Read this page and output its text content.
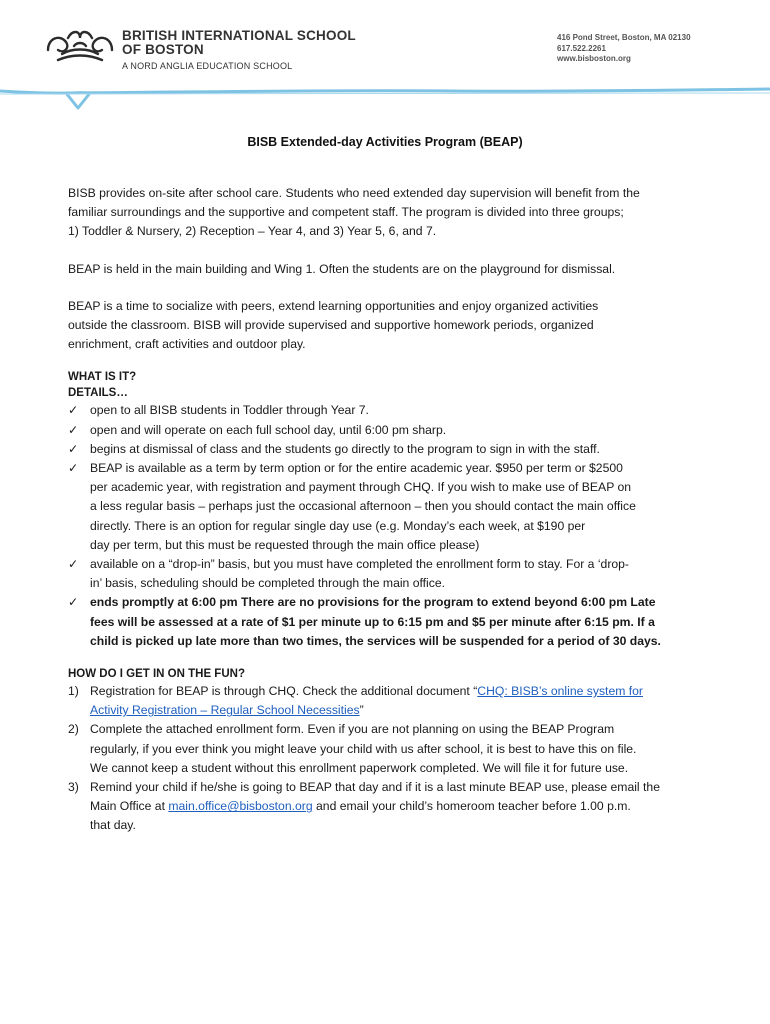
BRITISH INTERNATIONAL SCHOOL
OF BOSTON
A NORD ANGLIA EDUCATION SCHOOL
416 Pond Street, Boston, MA 02130
617.522.2261
www.bisboston.org
BISB Extended-day Activities Program (BEAP)

BISB provides on-site after school care. Students who need extended day supervision will benefit from the
familiar surroundings and the supportive and competent staff. The program is divided into three groups;
1) Toddler & Nursery, 2) Reception – Year 4, and 3) Year 5, 6, and 7.

BEAP is held in the main building and Wing 1. Often the students are on the playground for dismissal.

BEAP is a time to socialize with peers, extend learning opportunities and enjoy organized activities
outside the classroom. BISB will provide supervised and supportive homework periods, organized
enrichment, craft activities and outdoor play.

WHAT IS IT?
DETAILS…
✓ open to all BISB students in Toddler through Year 7.
✓ open and will operate on each full school day, until 6:00 pm sharp.
✓ begins at dismissal of class and the students go directly to the program to sign in with the staff.
✓ BEAP is available as a term by term option or for the entire academic year. $950 per term or $2500
per academic year, with registration and payment through CHQ. If you wish to make use of BEAP on
a less regular basis – perhaps just the occasional afternoon – then you should contact the main office
directly. There is an option for regular single day use (e.g. Monday’s each week, at $190 per
day per term, but this must be requested through the main office please)
✓ available on a “drop-in” basis, but you must have completed the enrollment form to stay. For a ‘drop-
in’ basis, scheduling should be completed through the main office.
✓ ends promptly at 6:00 pm There are no provisions for the program to extend beyond 6:00 pm Late
fees will be assessed at a rate of $1 per minute up to 6:15 pm and $5 per minute after 6:15 pm. If a
child is picked up late more than two times, the services will be suspended for a period of 30 days.
HOW DO I GET IN ON THE FUN?
1) Registration for BEAP is through CHQ. Check the additional document “CHQ: BISB’s online system for
Activity Registration – Regular School Necessities”
2) Complete the attached enrollment form. Even if you are not planning on using the BEAP Program
regularly, if you ever think you might leave your child with us after school, it is best to have this on file.
We cannot keep a student without this enrollment paperwork completed. We will file it for future use.
3) Remind your child if he/she is going to BEAP that day and if it is a last minute BEAP use, please email the
Main Office at main.office@bisboston.org and email your child’s homeroom teacher before 1.00 p.m.
that day.
